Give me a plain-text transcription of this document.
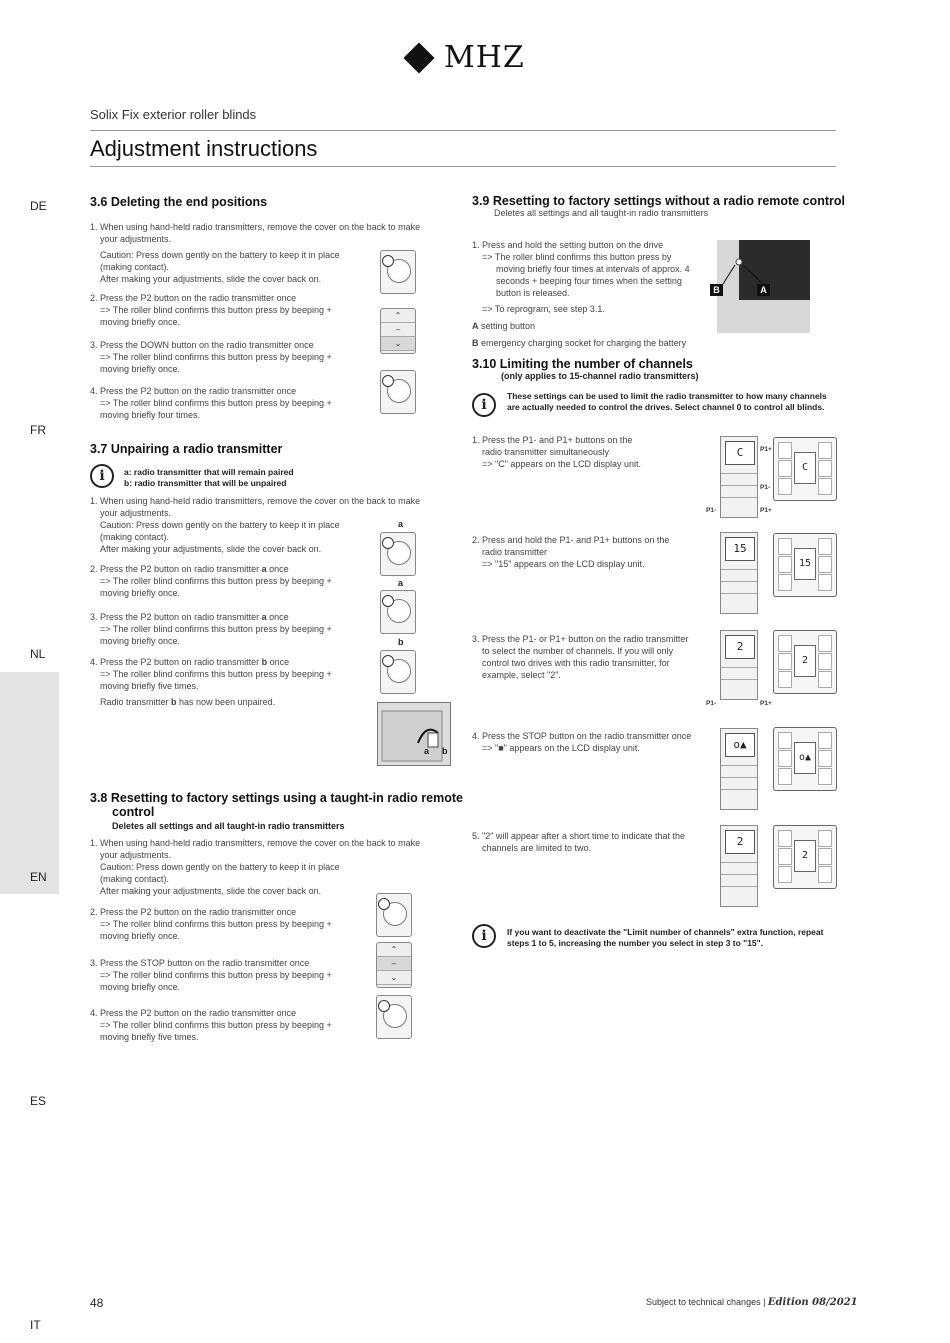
MHZ
Solix Fix exterior roller blinds
Adjustment instructions
DE
FR
NL
EN
ES
IT
3.6 Deleting the end positions
1. When using hand-held radio transmitters, remove the cover on the back to make
your adjustments.
Caution: Press down gently on the battery to keep it in place
(making contact).
After making your adjustments, slide the cover back on.
2. Press the P2 button on the radio transmitter once
=> The roller blind confirms this button press by beeping +
moving briefly once.
3. Press the DOWN button on the radio transmitter once
=> The roller blind confirms this button press by beeping +
moving briefly once.
4. Press the P2 button on the radio transmitter once
=> The roller blind confirms this button press by beeping +
moving briefly four times.
⌃
–
⌄
3.7 Unpairing a radio transmitter
i	a: radio transmitter that will remain paired
b: radio transmitter that will be unpaired
1. When using hand-held radio transmitters, remove the cover on the back to make
your adjustments.
Caution: Press down gently on the battery to keep it in place
(making contact).
After making your adjustments, slide the cover back on.
2. Press the P2 button on radio transmitter a once
=> The roller blind confirms this button press by beeping +
moving briefly once.
3. Press the P2 button on radio transmitter a once
=> The roller blind confirms this button press by beeping +
moving briefly once.
4. Press the P2 button on radio transmitter b once
=> The roller blind confirms this button press by beeping +
moving briefly five times.
Radio transmitter b has now been unpaired.
a
a
b
a b
3.8 Resetting to factory settings using a taught-in radio remote
control
Deletes all settings and all taught-in radio transmitters
1. When using hand-held radio transmitters, remove the cover on the back to make
your adjustments.
Caution: Press down gently on the battery to keep it in place
(making contact).
After making your adjustments, slide the cover back on.
2. Press the P2 button on the radio transmitter once
=> The roller blind confirms this button press by beeping +
moving briefly once.
3. Press the STOP button on the radio transmitter once
=> The roller blind confirms this button press by beeping +
moving briefly once.
4. Press the P2 button on the radio transmitter once
=> The roller blind confirms this button press by beeping +
moving briefly five times.
⌃
–
⌄
3.9 Resetting to factory settings without a radio remote control
Deletes all settings and all taught-in radio transmitters
1. Press and hold the setting button on the drive
=> The roller blind confirms this button press by
moving briefly four times at intervals of approx. 4
seconds + beeping four times when the setting
button is released.
=> To reprogram, see step 3.1.
A setting button
B emergency charging socket for charging the battery
B	A
3.10 Limiting the number of channels
(only applies to 15-channel radio transmitters)
i
These settings can be used to limit the radio transmitter to how many channels
are actually needed to control the drives. Select channel 0 to control all blinds.
1. Press the P1- and P1+ buttons on the
radio transmitter simultaneously
=> "C" appears on the LCD display unit.
2. Press and hold the P1- and P1+ buttons on the
radio transmitter
=> "15" appears on the LCD display unit.
3. Press the P1- or P1+ button on the radio transmitter
to select the number of channels. If you will only
control two drives with this radio transmitter, for
example, select "2".
4. Press the STOP button on the radio transmitter once
=> "■" appears on the LCD display unit.
5. "2" will appear after a short time to indicate that the
channels are limited to two.
C
C
P1+
P1-
P1-	P1+
15
15
2
2
P1-	P1+
o▲
o▲
2
2
i	If you want to deactivate the "Limit number of channels" extra function, repeat
steps 1 to 5, increasing the number you select in step 3 to "15".
48	Subject to technical changes | Edition 08/2021
